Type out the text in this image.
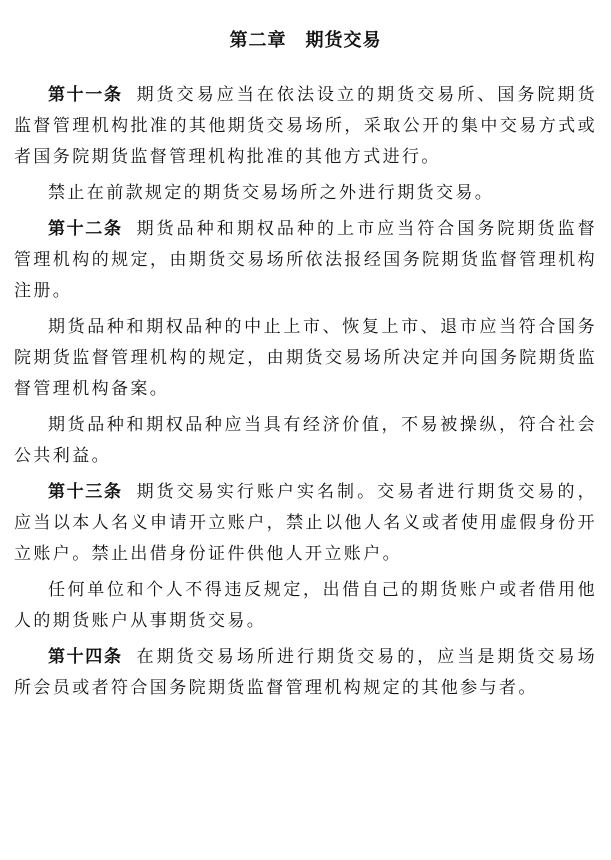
第二章　期货交易

第十一条 期货交易应当在依法设立的期货交易所、国务院期货监督管理机构批准的其他期货交易场所，采取公开的集中交易方式或者国务院期货监督管理机构批准的其他方式进行。

禁止在前款规定的期货交易场所之外进行期货交易。

第十二条 期货品种和期权品种的上市应当符合国务院期货监督管理机构的规定，由期货交易场所依法报经国务院期货监督管理机构注册。

期货品种和期权品种的中止上市、恢复上市、退市应当符合国务院期货监督管理机构的规定，由期货交易场所决定并向国务院期货监督管理机构备案。

期货品种和期权品种应当具有经济价值，不易被操纵，符合社会公共利益。

第十三条 期货交易实行账户实名制。交易者进行期货交易的，应当以本人名义申请开立账户，禁止以他人名义或者使用虚假身份开立账户。禁止出借身份证件供他人开立账户。

任何单位和个人不得违反规定，出借自己的期货账户或者借用他人的期货账户从事期货交易。

第十四条 在期货交易场所进行期货交易的，应当是期货交易场所会员或者符合国务院期货监督管理机构规定的其他参与者。
